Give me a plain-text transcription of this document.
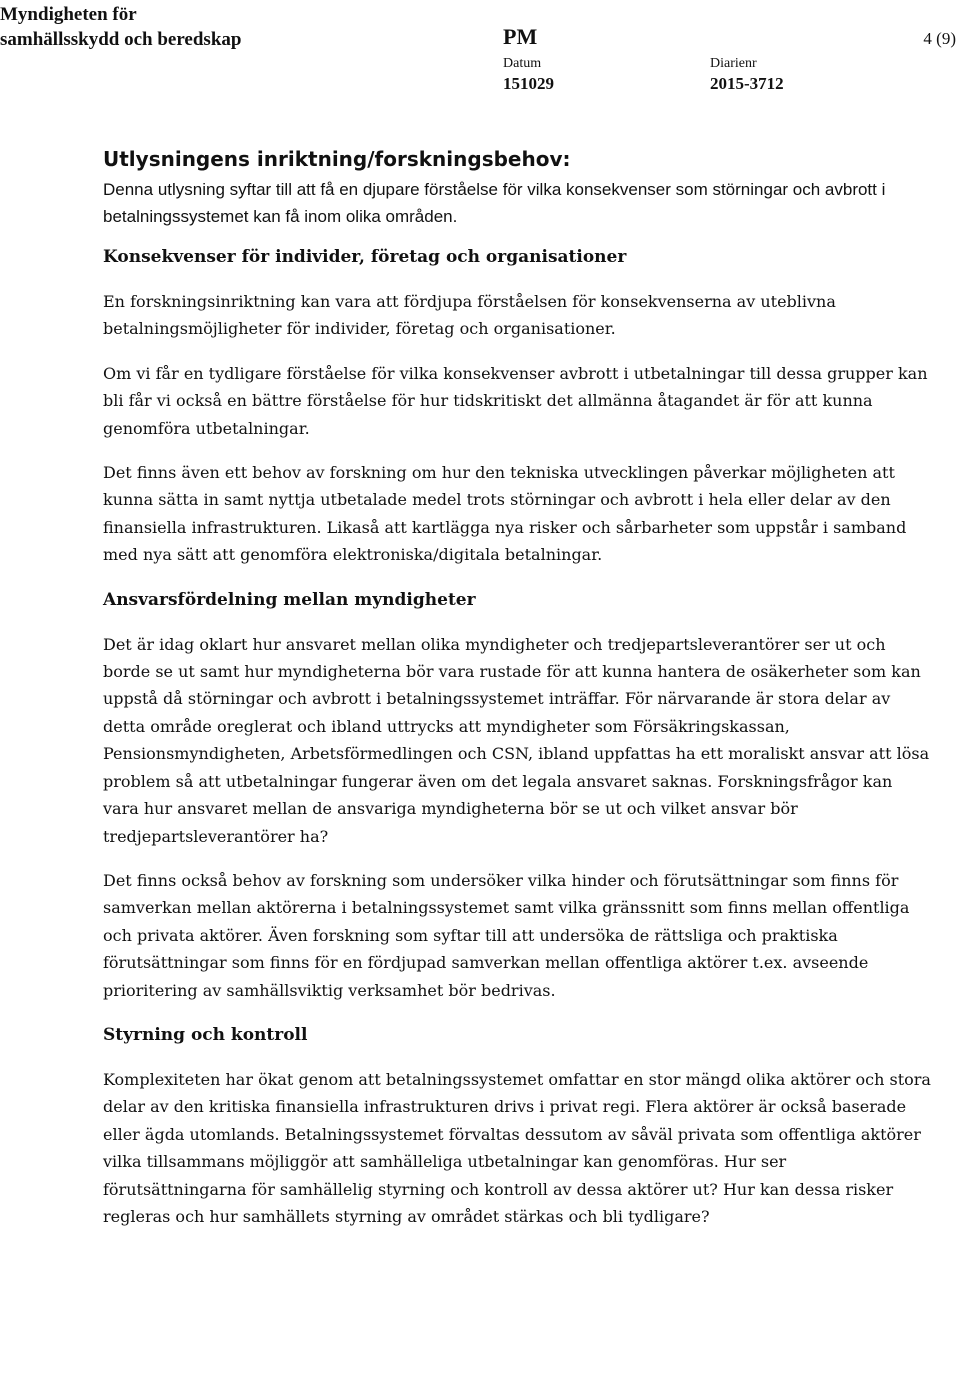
Myndigheten för
samhällsskydd och beredskap	PM	4 (9)
Datum
151029
Diarienr
2015-3712
Utlysningens inriktning/forskningsbehov:

Denna utlysning syftar till att få en djupare förståelse för vilka konsekvenser som störningar och avbrott i betalningssystemet kan få inom olika områden.

Konsekvenser för individer, företag och organisationer

En forskningsinriktning kan vara att fördjupa förståelsen för konsekvenserna av uteblivna betalningsmöjligheter för individer, företag och organisationer.

Om vi får en tydligare förståelse för vilka konsekvenser avbrott i utbetalningar till dessa grupper kan bli får vi också en bättre förståelse för hur tidskritiskt det allmänna åtagandet är för att kunna genomföra utbetalningar.

Det finns även ett behov av forskning om hur den tekniska utvecklingen påverkar möjligheten att kunna sätta in samt nyttja utbetalade medel trots störningar och avbrott i hela eller delar av den finansiella infrastrukturen. Likaså att kartlägga nya risker och sårbarheter som uppstår i samband med nya sätt att genomföra elektroniska/digitala betalningar.

Ansvarsfördelning mellan myndigheter

Det är idag oklart hur ansvaret mellan olika myndigheter och tredjepartsleverantörer ser ut och borde se ut samt hur myndigheterna bör vara rustade för att kunna hantera de osäkerheter som kan uppstå då störningar och avbrott i betalningssystemet inträffar. För närvarande är stora delar av detta område oreglerat och ibland uttrycks att myndigheter som Försäkringskassan, Pensionsmyndigheten, Arbetsförmedlingen och CSN, ibland uppfattas ha ett moraliskt ansvar att lösa problem så att utbetalningar fungerar även om det legala ansvaret saknas. Forskningsfrågor kan vara hur ansvaret mellan de ansvariga myndigheterna bör se ut och vilket ansvar bör tredjepartsleverantörer ha?

Det finns också behov av forskning som undersöker vilka hinder och förutsättningar som finns för samverkan mellan aktörerna i betalningssystemet samt vilka gränssnitt som finns mellan offentliga och privata aktörer. Även forskning som syftar till att undersöka de rättsliga och praktiska förutsättningar som finns för en fördjupad samverkan mellan offentliga aktörer t.ex. avseende prioritering av samhällsviktig verksamhet bör bedrivas.

Styrning och kontroll

Komplexiteten har ökat genom att betalningssystemet omfattar en stor mängd olika aktörer och stora delar av den kritiska finansiella infrastrukturen drivs i privat regi. Flera aktörer är också baserade eller ägda utomlands. Betalningssystemet förvaltas dessutom av såväl privata som offentliga aktörer vilka tillsammans möjliggör att samhälleliga utbetalningar kan genomföras. Hur ser förutsättningarna för samhällelig styrning och kontroll av dessa aktörer ut? Hur kan dessa risker regleras och hur samhällets styrning av området stärkas och bli tydligare?
